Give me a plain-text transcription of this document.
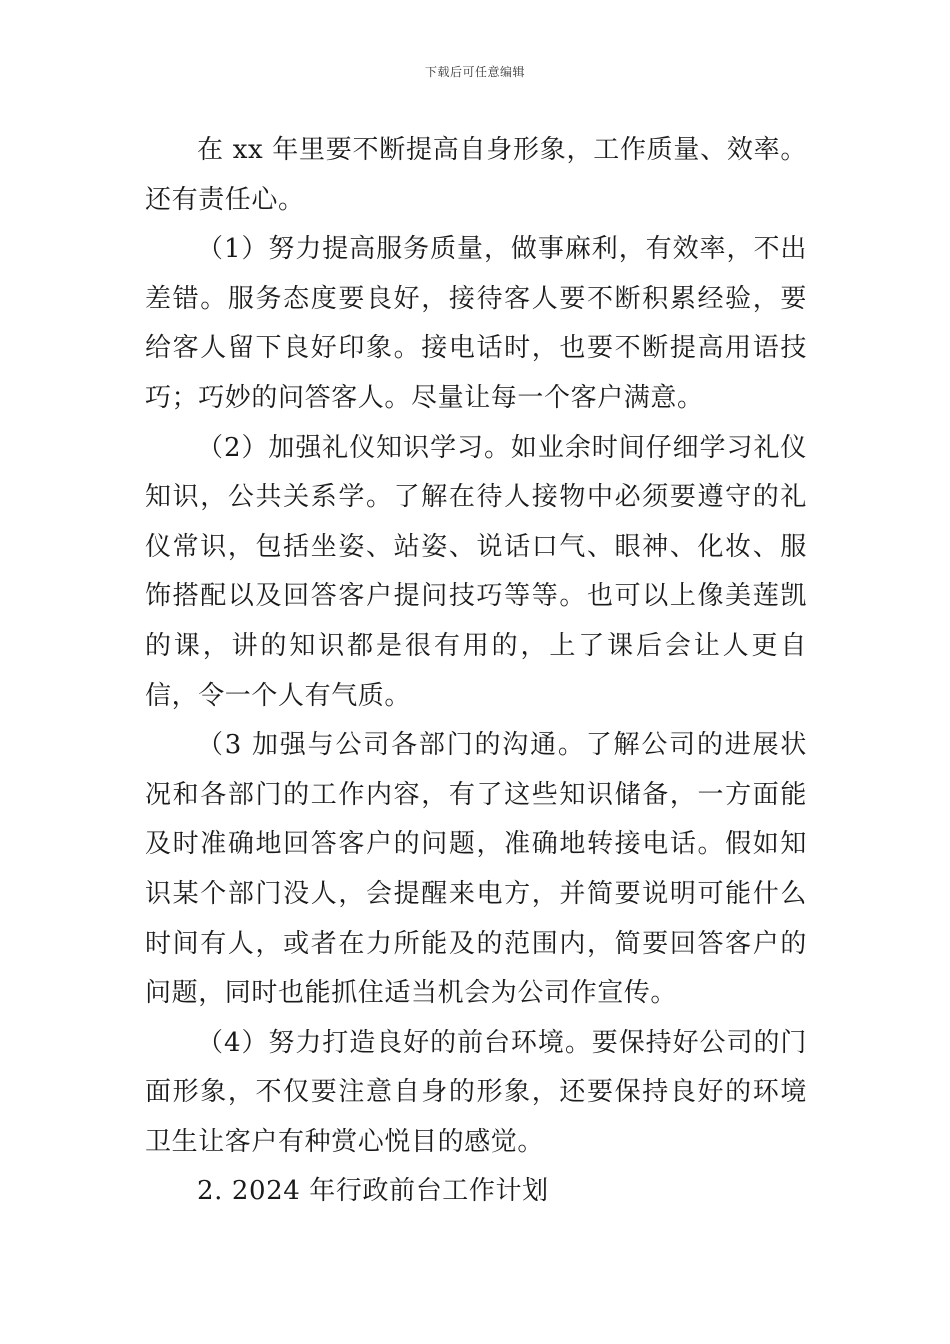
下载后可任意编辑

在 xx 年里要不断提高自身形象，工作质量、效率。还有责任心。

（1）努力提高服务质量，做事麻利，有效率，不出差错。服务态度要良好，接待客人要不断积累经验，要给客人留下良好印象。接电话时，也要不断提高用语技巧；巧妙的问答客人。尽量让每一个客户满意。

（2）加强礼仪知识学习。如业余时间仔细学习礼仪知识，公共关系学。了解在待人接物中必须要遵守的礼仪常识，包括坐姿、站姿、说话口气、眼神、化妆、服饰搭配以及回答客户提问技巧等等。也可以上像美莲凯的课，讲的知识都是很有用的，上了课后会让人更自信，令一个人有气质。

（3 加强与公司各部门的沟通。了解公司的进展状况和各部门的工作内容，有了这些知识储备，一方面能及时准确地回答客户的问题，准确地转接电话。假如知识某个部门没人，会提醒来电方，并简要说明可能什么时间有人，或者在力所能及的范围内，简要回答客户的问题，同时也能抓住适当机会为公司作宣传。

（4）努力打造良好的前台环境。要保持好公司的门面形象，不仅要注意自身的形象，还要保持良好的环境卫生让客户有种赏心悦目的感觉。

2. 2024 年行政前台工作计划
